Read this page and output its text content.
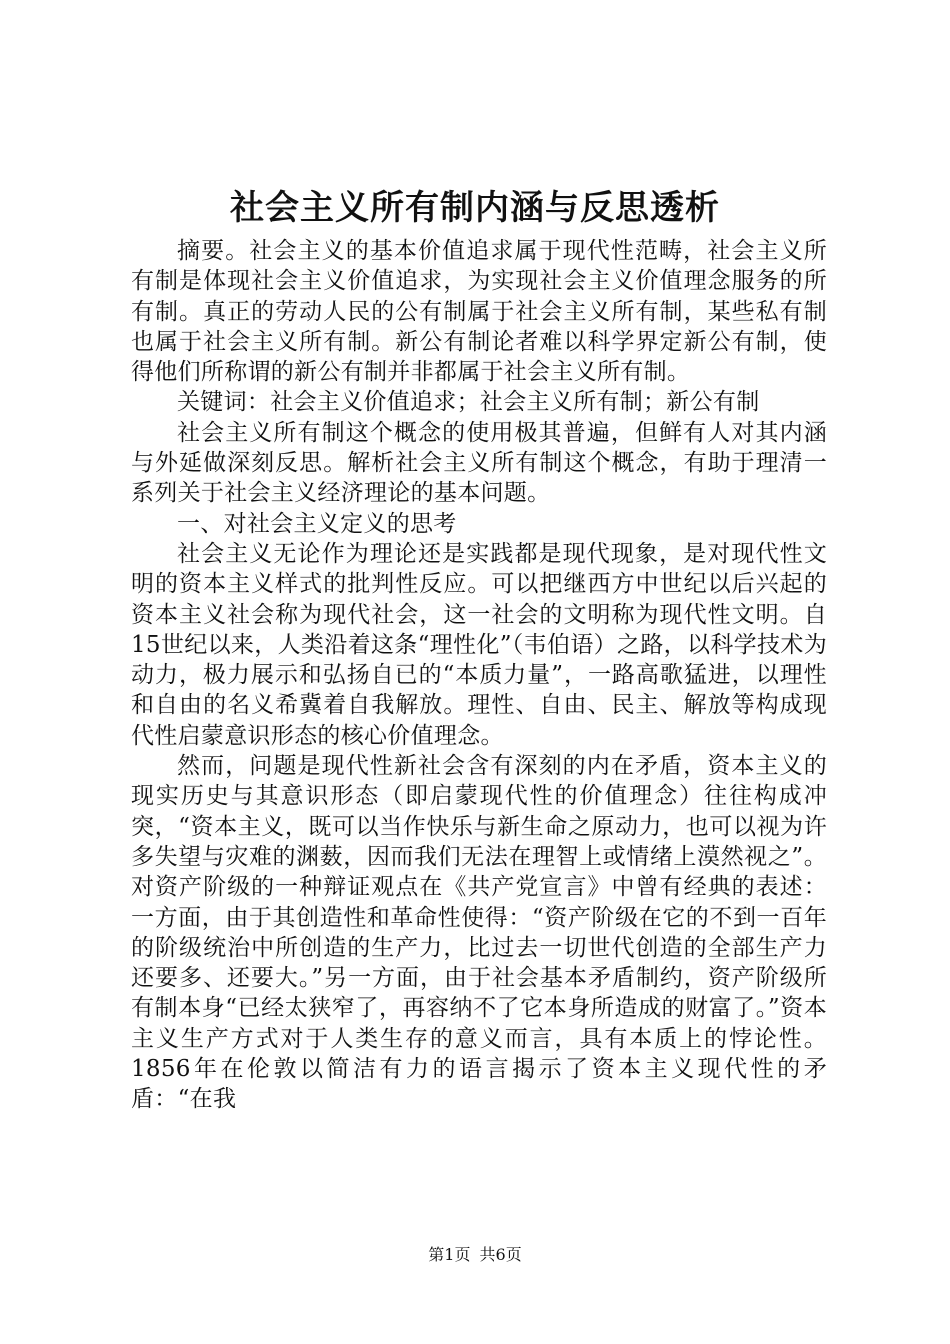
社会主义所有制内涵与反思透析

摘要。社会主义的基本价值追求属于现代性范畴，社会主义所有制是体现社会主义价值追求，为实现社会主义价值理念服务的所有制。真正的劳动人民的公有制属于社会主义所有制，某些私有制也属于社会主义所有制。新公有制论者难以科学界定新公有制，使得他们所称谓的新公有制并非都属于社会主义所有制。

关键词：社会主义价值追求；社会主义所有制；新公有制

社会主义所有制这个概念的使用极其普遍，但鲜有人对其内涵与外延做深刻反思。解析社会主义所有制这个概念，有助于理清一系列关于社会主义经济理论的基本问题。

一、对社会主义定义的思考

社会主义无论作为理论还是实践都是现代现象，是对现代性文明的资本主义样式的批判性反应。可以把继西方中世纪以后兴起的资本主义社会称为现代社会，这一社会的文明称为现代性文明。自15世纪以来，人类沿着这条“理性化”（韦伯语）之路，以科学技术为动力，极力展示和弘扬自已的“本质力量”，一路高歌猛进，以理性和自由的名义希冀着自我解放。理性、自由、民主、解放等构成现代性启蒙意识形态的核心价值理念。

然而，问题是现代性新社会含有深刻的内在矛盾，资本主义的现实历史与其意识形态（即启蒙现代性的价值理念）往往构成冲突，“资本主义，既可以当作快乐与新生命之原动力，也可以视为许多失望与灾难的渊薮，因而我们无法在理智上或情绪上漠然视之”。对资产阶级的一种辩证观点在《共产党宣言》中曾有经典的表述：一方面，由于其创造性和革命性使得：“资产阶级在它的不到一百年的阶级统治中所创造的生产力，比过去一切世代创造的全部生产力还要多、还要大。”另一方面，由于社会基本矛盾制约，资产阶级所有制本身“已经太狭窄了，再容纳不了它本身所造成的财富了。”资本主义生产方式对于人类生存的意义而言，具有本质上的悖论性。1856年在伦敦以简洁有力的语言揭示了资本主义现代性的矛盾：“在我

第1页 共6页
